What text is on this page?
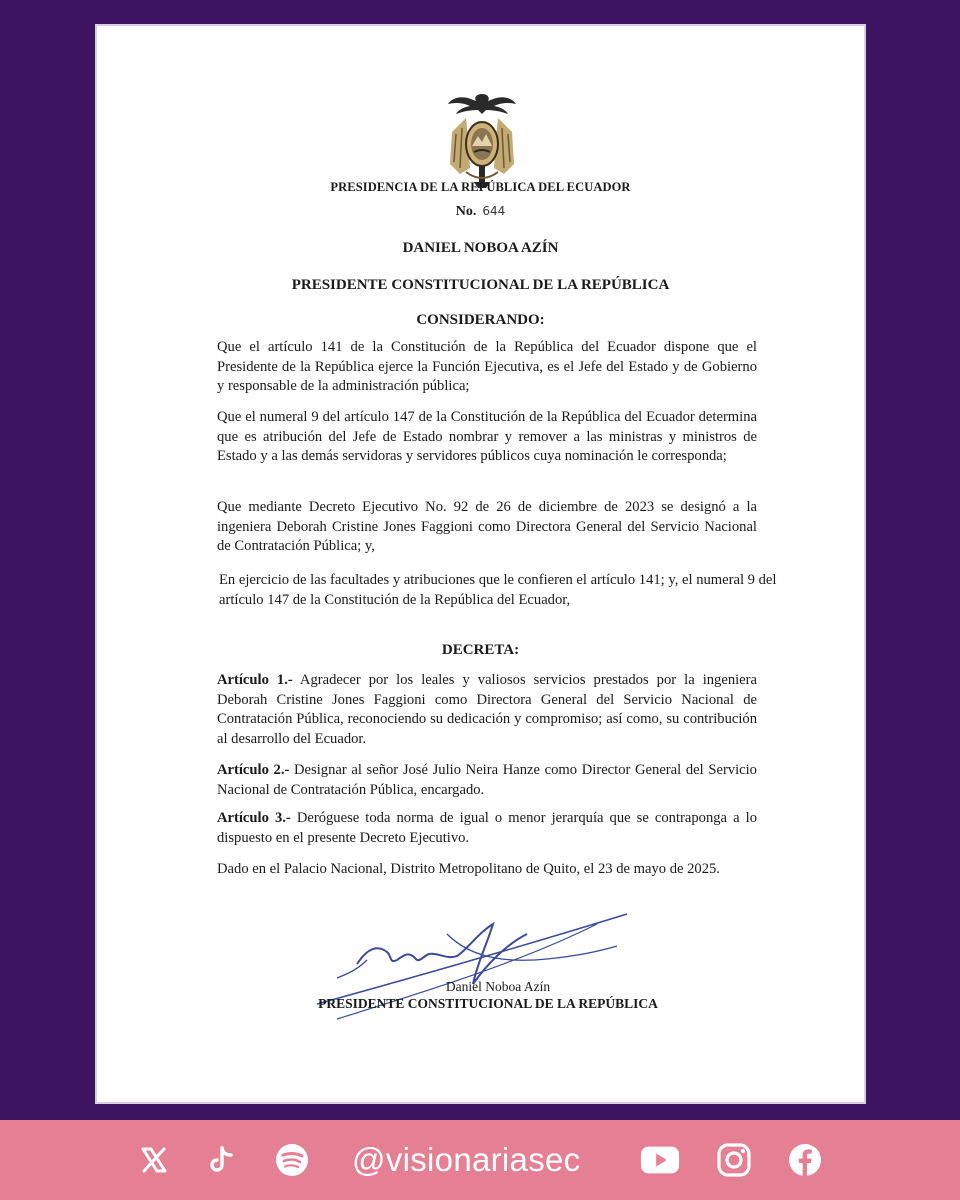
PRESIDENCIA DE LA REPÚBLICA DEL ECUADOR
No. 644
DANIEL NOBOA AZÍN
PRESIDENTE CONSTITUCIONAL DE LA REPÚBLICA
CONSIDERANDO:

Que el artículo 141 de la Constitución de la República del Ecuador dispone que el Presidente de la República ejerce la Función Ejecutiva, es el Jefe del Estado y de Gobierno y responsable de la administración pública;

Que el numeral 9 del artículo 147 de la Constitución de la República del Ecuador determina que es atribución del Jefe de Estado nombrar y remover a las ministras y ministros de Estado y a las demás servidoras y servidores públicos cuya nominación le corresponda;

Que mediante Decreto Ejecutivo No. 92 de 26 de diciembre de 2023 se designó a la ingeniera Deborah Cristine Jones Faggioni como Directora General del Servicio Nacional de Contratación Pública; y,

En ejercicio de las facultades y atribuciones que le confieren el artículo 141; y, el numeral 9 del artículo 147 de la Constitución de la República del Ecuador,

DECRETA:

Artículo 1.- Agradecer por los leales y valiosos servicios prestados por la ingeniera Deborah Cristine Jones Faggioni como Directora General del Servicio Nacional de Contratación Pública, reconociendo su dedicación y compromiso; así como, su contribución al desarrollo del Ecuador.

Artículo 2.- Designar al señor José Julio Neira Hanze como Director General del Servicio Nacional de Contratación Pública, encargado.

Artículo 3.- Deróguese toda norma de igual o menor jerarquía que se contraponga a lo dispuesto en el presente Decreto Ejecutivo.

Dado en el Palacio Nacional, Distrito Metropolitano de Quito, el 23 de mayo de 2025.

Daniel Noboa Azín
PRESIDENTE CONSTITUCIONAL DE LA REPÚBLICA
@visionariasec
